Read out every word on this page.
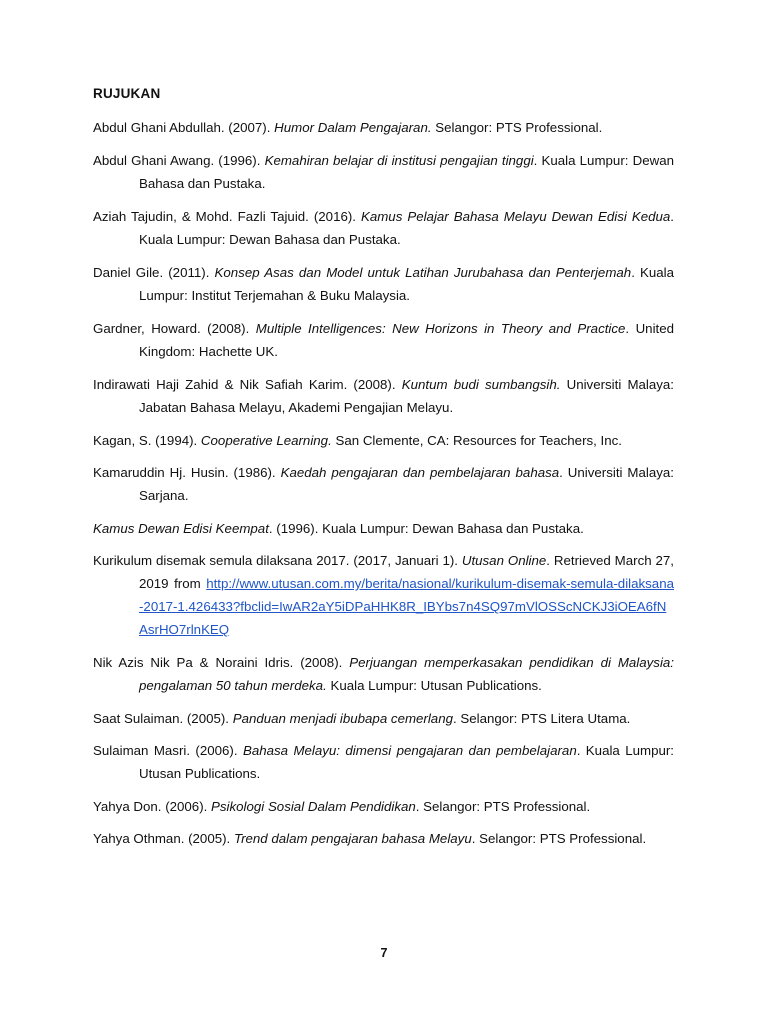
RUJUKAN

Abdul Ghani Abdullah. (2007). Humor Dalam Pengajaran. Selangor: PTS Professional.

Abdul Ghani Awang. (1996). Kemahiran belajar di institusi pengajian tinggi. Kuala Lumpur: Dewan Bahasa dan Pustaka.

Aziah Tajudin, & Mohd. Fazli Tajuid. (2016). Kamus Pelajar Bahasa Melayu Dewan Edisi Kedua. Kuala Lumpur: Dewan Bahasa dan Pustaka.

Daniel Gile. (2011). Konsep Asas dan Model untuk Latihan Jurubahasa dan Penterjemah. Kuala Lumpur: Institut Terjemahan & Buku Malaysia.

Gardner, Howard. (2008). Multiple Intelligences: New Horizons in Theory and Practice. United Kingdom: Hachette UK.

Indirawati Haji Zahid & Nik Safiah Karim. (2008). Kuntum budi sumbangsih. Universiti Malaya: Jabatan Bahasa Melayu, Akademi Pengajian Melayu.

Kagan, S. (1994). Cooperative Learning. San Clemente, CA: Resources for Teachers, Inc.

Kamaruddin Hj. Husin. (1986). Kaedah pengajaran dan pembelajaran bahasa. Universiti Malaya: Sarjana.

Kamus Dewan Edisi Keempat. (1996). Kuala Lumpur: Dewan Bahasa dan Pustaka.

Kurikulum disemak semula dilaksana 2017. (2017, Januari 1). Utusan Online. Retrieved March 27, 2019 from http://www.utusan.com.my/berita/nasional/kurikulum-disemak-semula-dilaksana-2017-1.426433?fbclid=IwAR2aY5iDPaHHK8R_IBYbs7n4SQ97mVlOSScNCKJ3iOEA6fNAsrHO7rlnKEQ

Nik Azis Nik Pa & Noraini Idris. (2008). Perjuangan memperkasakan pendidikan di Malaysia: pengalaman 50 tahun merdeka. Kuala Lumpur: Utusan Publications.

Saat Sulaiman. (2005). Panduan menjadi ibubapa cemerlang. Selangor: PTS Litera Utama.

Sulaiman Masri. (2006). Bahasa Melayu: dimensi pengajaran dan pembelajaran. Kuala Lumpur: Utusan Publications.

Yahya Don. (2006). Psikologi Sosial Dalam Pendidikan. Selangor: PTS Professional.

Yahya Othman. (2005). Trend dalam pengajaran bahasa Melayu. Selangor: PTS Professional.

7
